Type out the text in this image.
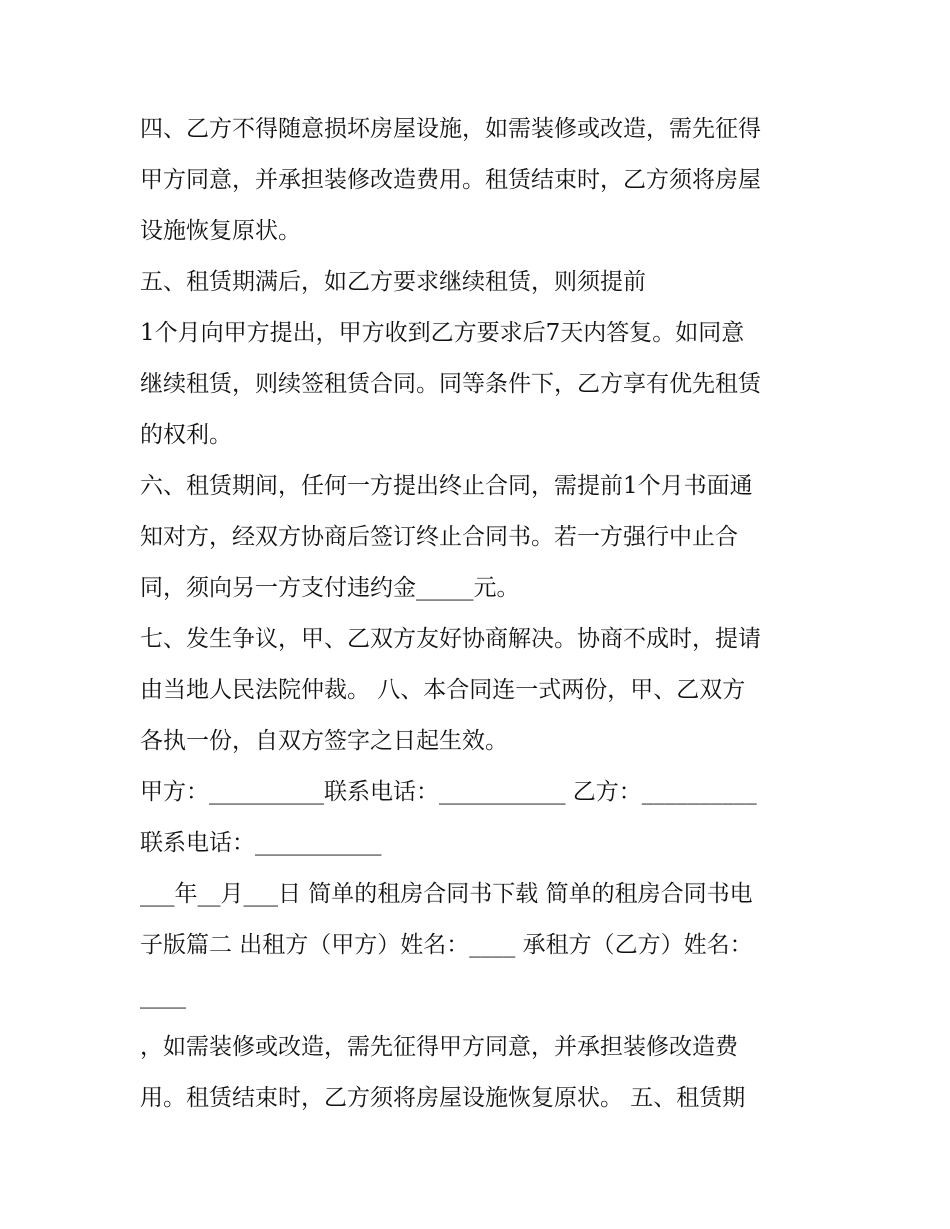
四、乙方不得随意损坏房屋设施，如需装修或改造，需先征得
甲方同意，并承担装修改造费用。租赁结束时，乙方须将房屋
设施恢复原状。
五、租赁期满后，如乙方要求继续租赁，则须提前
1个月向甲方提出，甲方收到乙方要求后7天内答复。如同意
继续租赁，则续签租赁合同。同等条件下，乙方享有优先租赁
的权利。
六、租赁期间，任何一方提出终止合同，需提前1个月书面通
知对方，经双方协商后签订终止合同书。若一方强行中止合
同，须向另一方支付违约金_____元。
七、发生争议，甲、乙双方友好协商解决。协商不成时，提请
由当地人民法院仲裁。 八、本合同连一式两份，甲、乙双方
各执一份，自双方签字之日起生效。
甲方：__________联系电话：___________ 乙方：__________
联系电话：___________
___年__月___日 简单的租房合同书下载 简单的租房合同书电
子版篇二 出租方（甲方）姓名：____ 承租方（乙方）姓名：
____
，如需装修或改造，需先征得甲方同意，并承担装修改造费
用。租赁结束时，乙方须将房屋设施恢复原状。 五、租赁期
